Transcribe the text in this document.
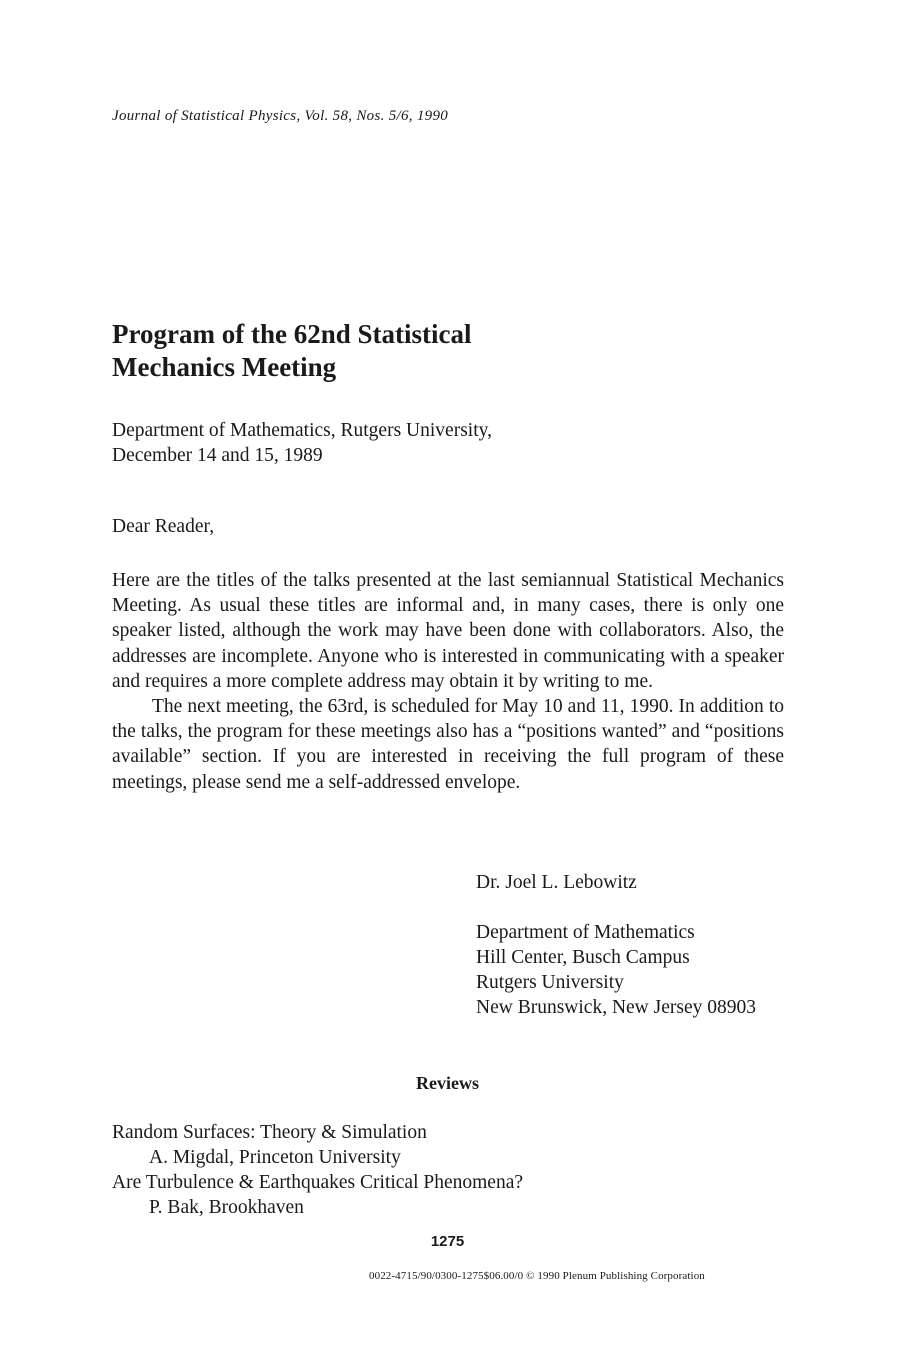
Journal of Statistical Physics, Vol. 58, Nos. 5/6, 1990
Program of the 62nd Statistical
Mechanics Meeting
Department of Mathematics, Rutgers University,
December 14 and 15, 1989
Dear Reader,

Here are the titles of the talks presented at the last semiannual Statistical Mechanics Meeting. As usual these titles are informal and, in many cases, there is only one speaker listed, although the work may have been done with collaborators. Also, the addresses are incomplete. Anyone who is interested in communicating with a speaker and requires a more complete address may obtain it by writing to me.

The next meeting, the 63rd, is scheduled for May 10 and 11, 1990. In addition to the talks, the program for these meetings also has a “positions wanted” and “positions available” section. If you are interested in receiving the full program of these meetings, please send me a self-addressed envelope.

Dr. Joel L. Lebowitz
Department of Mathematics
Hill Center, Busch Campus
Rutgers University
New Brunswick, New Jersey 08903
Reviews
Random Surfaces: Theory & Simulation
A. Migdal, Princeton University
Are Turbulence & Earthquakes Critical Phenomena?
P. Bak, Brookhaven
1275
0022-4715/90/0300-1275$06.00/0 © 1990 Plenum Publishing Corporation
